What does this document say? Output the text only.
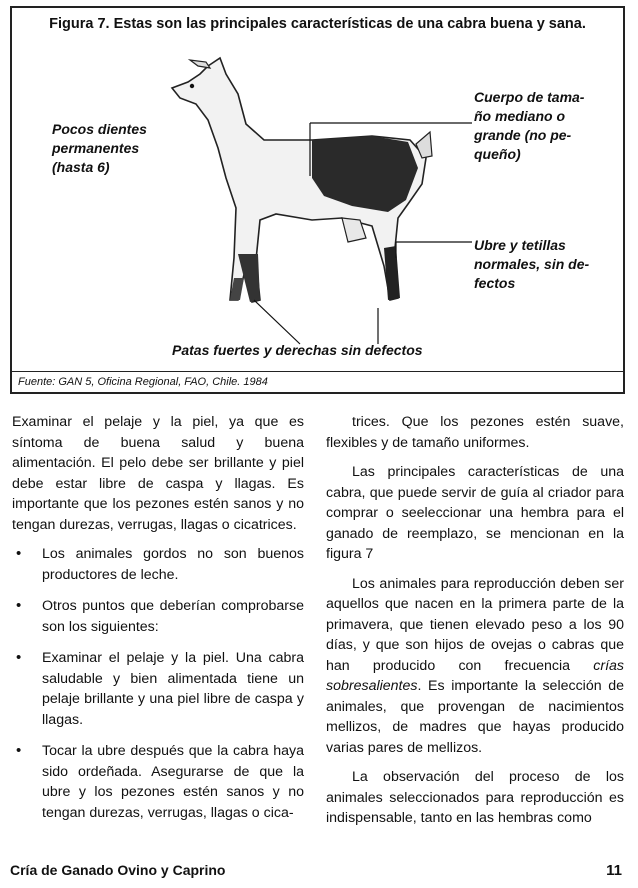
Figura 7. Estas son las principales características de una cabra buena y sana.
Pocos dientes
permanentes
(hasta 6)
Cuerpo de tama-
ño mediano o
grande (no pe-
queño)
Ubre y tetillas
normales, sin de-
fectos
Patas fuertes y derechas sin defectos
Fuente: GAN 5, Oficina Regional, FAO, Chile. 1984

Examinar el pelaje y la piel, ya que es síntoma de buena salud y buena alimentación. El pelo debe ser brillante y piel debe estar libre de caspa y llagas. Es importante que los pezones estén sanos y no tengan durezas, verrugas, llagas o cicatrices.

• Los animales gordos no son buenos productores de leche.
• Otros puntos que deberían comprobarse son los siguientes:
• Examinar el pelaje y la piel. Una cabra saludable y bien alimentada tiene un pelaje brillante y una piel libre de caspa y llagas.
• Tocar la ubre después que la cabra haya sido ordeñada. Asegurarse de que la ubre y los pezones estén sanos y no tengan durezas, verrugas, llagas o cica-

trices. Que los pezones estén suave, flexibles y de tamaño uniformes.

Las principales características de una cabra, que puede servir de guía al criador para comprar o seeleccionar una hembra para el ganado de reemplazo, se mencionan en la figura 7

Los animales para reproducción deben ser aquellos que nacen en la primera parte de la primavera, que tienen elevado peso a los 90 días, y que son hijos de ovejas o cabras que han producido con frecuencia crías sobresalientes. Es importante la selección de animales, que provengan de nacimientos mellizos, de madres que hayas producido varias pares de mellizos.

La observación del proceso de los animales seleccionados para reproducción es indispensable, tanto en las hembras como

Cría de Ganado Ovino y Caprino	11
